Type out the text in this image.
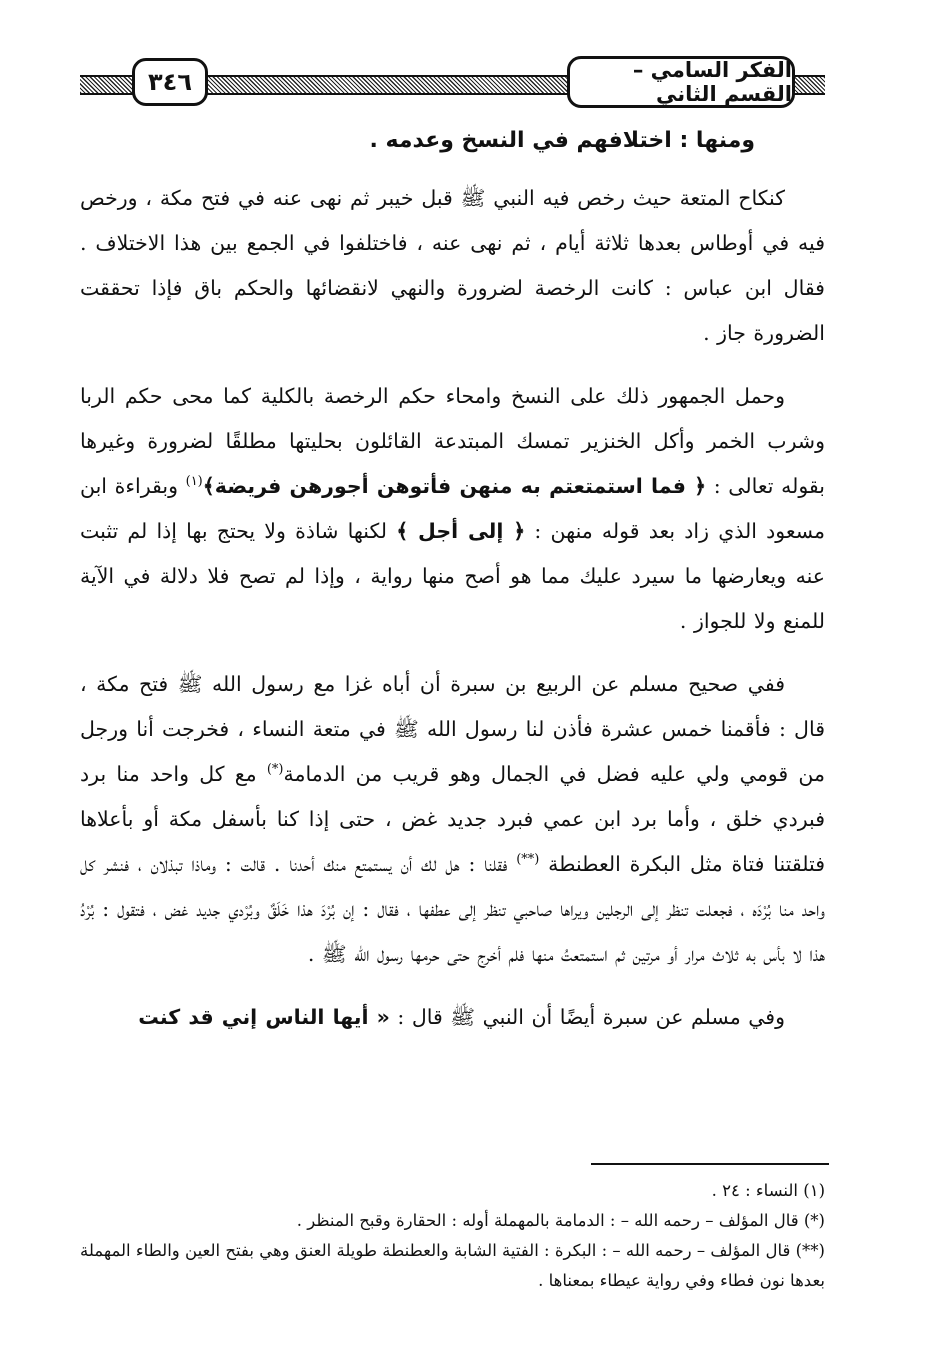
الفكر السامي – القسم الثاني
٣٤٦
ومنها : اختلافهم في النسخ وعدمه .

كنكاح المتعة حيث رخص فيه النبي ﷺ قبل خيبر ثم نهى عنه في فتح مكة ، ورخص فيه في أوطاس بعدها ثلاثة أيام ، ثم نهى عنه ، فاختلفوا في الجمع بين هذا الاختلاف . فقال ابن عباس : كانت الرخصة لضرورة والنهي لانقضائها والحكم باق فإذا تحققت الضرورة جاز .

وحمل الجمهور ذلك على النسخ وامحاء حكم الرخصة بالكلية كما محى حكم الربا وشرب الخمر وأكل الخنزير تمسك المبتدعة القائلون بحليتها مطلقًا لضرورة وغيرها بقوله تعالى : ﴿ فما استمتعتم به منهن فأتوهن أجورهن فريضة﴾$^{(١)}$ وبقراءة ابن مسعود الذي زاد بعد قوله منهن : ﴿ إلى أجل ﴾ لكنها شاذة ولا يحتج بها إذا لم تثبت عنه ويعارضها ما سيرد عليك مما هو أصح منها رواية ، وإذا لم تصح فلا دلالة في الآية للمنع ولا للجواز .

ففي صحيح مسلم عن الربيع بن سبرة أن أباه غزا مع رسول الله ﷺ فتح مكة ، قال : فأقمنا خمس عشرة فأذن لنا رسول الله ﷺ في متعة النساء ، فخرجت أنا ورجل من قومي ولي عليه فضل في الجمال وهو قريب من الدمامة(*) مع كل واحد منا برد فبردي خلق ، وأما برد ابن عمي فبرد جديد غض ، حتى إذا كنا بأسفل مكة أو بأعلاها فتلقتنا فتاة مثل البكرة العطنطة (**) فقلنا : هل لك أن يستمتع منك أحدنا . قالت : وماذا تبذلان ، فنشر كل واحد منا بُرْدَه ، فجعلت تنظر إلى الرجلين ويراها صاحبي تنظر إلى عطفها ، فقال : إن بُرْدَ هذا خَلَقٌ وبُرْدي جديد غض ، فتقول : بُرْدُ هذا لا بأس به ثلاث مرار أو مرتين ثم استمتعتُ منها فلم أخرج حتى حرمها رسول الله ﷺ .

وفي مسلم عن سبرة أيضًا أن النبي ﷺ قال : « أيها الناس إني قد كنت

(١) النساء : ٢٤ .
(*) قال المؤلف – رحمه الله – : الدمامة بالمهملة أوله : الحقارة وقبح المنظر .
(**) قال المؤلف – رحمه الله – : البكرة : الفتية الشابة والعطنطة طويلة العنق وهي بفتح العين والطاء المهملة بعدها نون فطاء وفي رواية عيطاء بمعناها .
